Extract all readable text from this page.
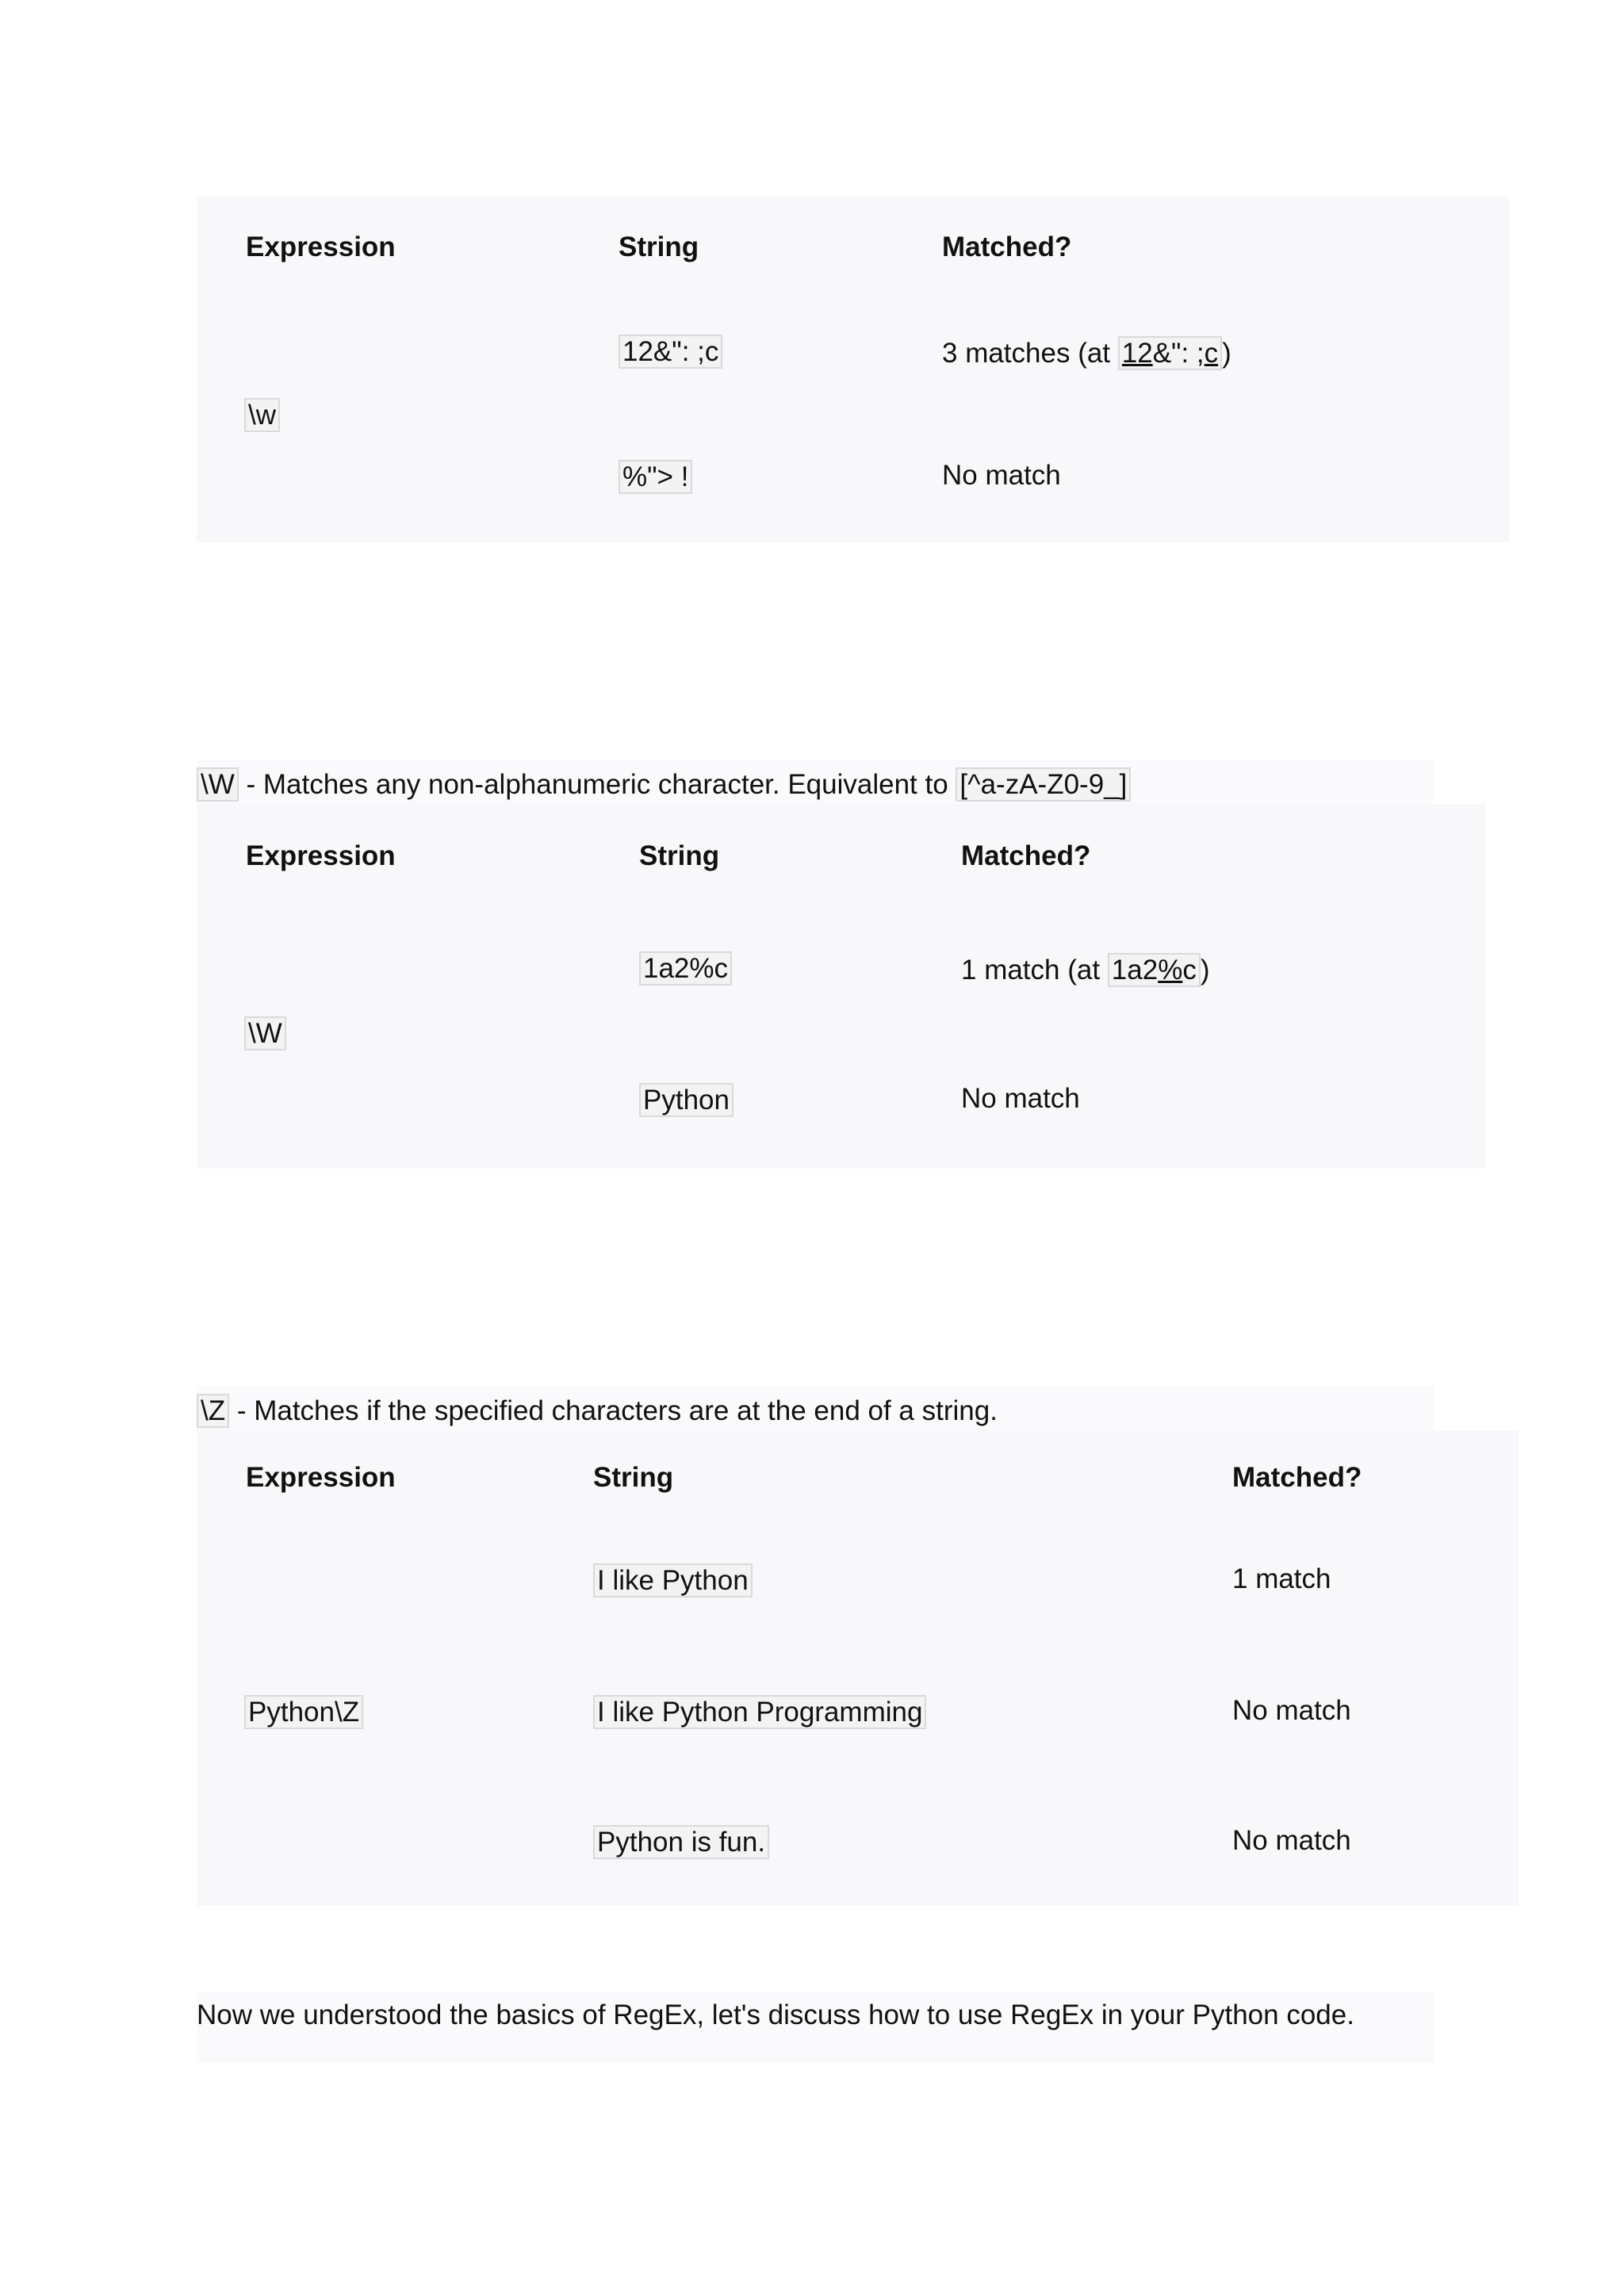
Expression	String	Matched?
\w
12&": ;c	3 matches (at 12&": ;c )
%"> !	No match
\W - Matches any non-alphanumeric character. Equivalent to [^a-zA-Z0-9_]
Expression	String	Matched?
\W
1a2%c	1 match (at 1a2%c )
Python	No match
\Z - Matches if the specified characters are at the end of a string.
Expression	String	Matched?
Python\Z
I like Python	1 match
I like Python Programming	No match
Python is fun.	No match
Now we understood the basics of RegEx, let's discuss how to use RegEx in your Python code.
